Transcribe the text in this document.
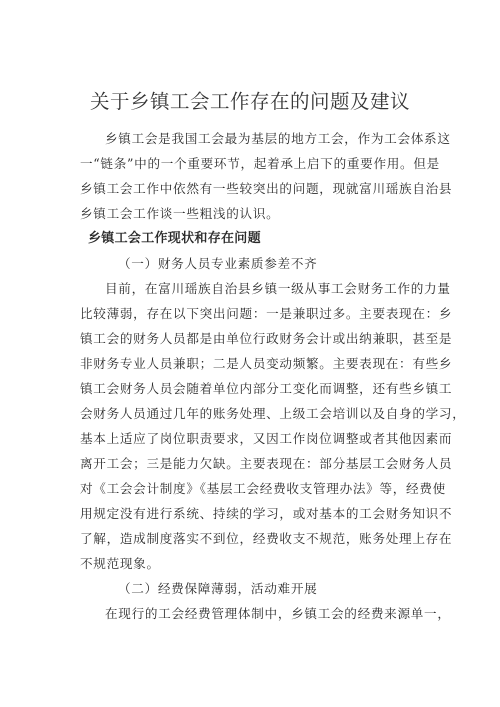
关于乡镇工会工作存在的问题及建议
乡镇工会是我国工会最为基层的地方工会，作为工会体系这
一“链条”中的一个重要环节，起着承上启下的重要作用。但是
乡镇工会工作中依然有一些较突出的问题，现就富川瑶族自治县
乡镇工会工作谈一些粗浅的认识。
乡镇工会工作现状和存在问题
（一）财务人员专业素质参差不齐
目前，在富川瑶族自治县乡镇一级从事工会财务工作的力量
比较薄弱，存在以下突出问题：一是兼职过多。主要表现在：乡
镇工会的财务人员都是由单位行政财务会计或出纳兼职，甚至是
非财务专业人员兼职；二是人员变动频繁。主要表现在：有些乡
镇工会财务人员会随着单位内部分工变化而调整，还有些乡镇工
会财务人员通过几年的账务处理、上级工会培训以及自身的学习，
基本上适应了岗位职责要求，又因工作岗位调整或者其他因素而
离开工会；三是能力欠缺。主要表现在：部分基层工会财务人员
对《工会会计制度》《基层工会经费收支管理办法》等，经费使
用规定没有进行系统、持续的学习，或对基本的工会财务知识不
了解，造成制度落实不到位，经费收支不规范，账务处理上存在
不规范现象。
（二）经费保障薄弱，活动难开展
在现行的工会经费管理体制中，乡镇工会的经费来源单一，
